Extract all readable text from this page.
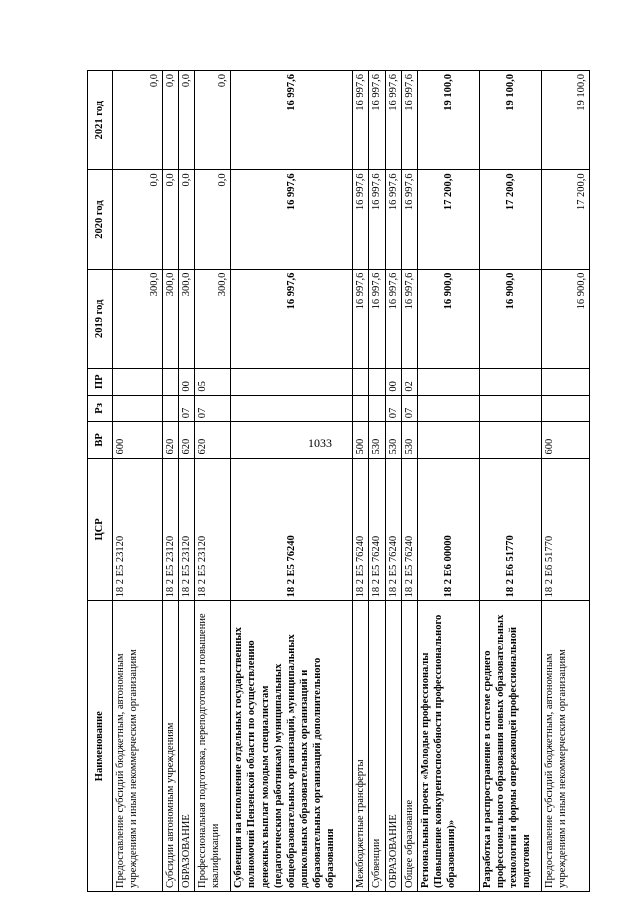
1033
Наименование	ЦСР	ВР	Рз	ПР	2019 год	2020 год	2021 год
Предоставление субсидий бюджетным, автономным учреждениям и иным некоммерческим организациям	18 2 E5 23120	600			300,0	0,0	0,0
Субсидии автономным учреждениям	18 2 E5 23120	620			300,0	0,0	0,0
ОБРАЗОВАНИЕ	18 2 E5 23120	620	07	00	300,0	0,0	0,0
Профессиональная подготовка, переподготовка и повышение квалификации	18 2 E5 23120	620	07	05	300,0	0,0	0,0
Субвенция на исполнение отдельных государственных полномочий Пензенской области по осуществлению денежных выплат молодым специалистам (педагогическим работникам) муниципальных общеобразовательных организаций, муниципальных дошкольных образовательных организаций и образовательных организаций дополнительного образования	18 2 E5 76240				16 997,6	16 997,6	16 997,6
Межбюджетные трансферты	18 2 E5 76240	500			16 997,6	16 997,6	16 997,6
Субвенции	18 2 E5 76240	530			16 997,6	16 997,6	16 997,6
ОБРАЗОВАНИЕ	18 2 E5 76240	530	07	00	16 997,6	16 997,6	16 997,6
Общее образование	18 2 E5 76240	530	07	02	16 997,6	16 997,6	16 997,6
Региональный проект «Молодые профессионалы (Повышение конкурентоспособности профессионального образования)»	18 2 E6 00000				16 900,0	17 200,0	19 100,0
Разработка и распространение в системе среднего профессионального образования новых образовательных технологий и формы опережающей профессиональной подготовки	18 2 E6 51770				16 900,0	17 200,0	19 100,0
Предоставление субсидий бюджетным, автономным учреждениям и иным некоммерческим организациям	18 2 E6 51770	600			16 900,0	17 200,0	19 100,0
